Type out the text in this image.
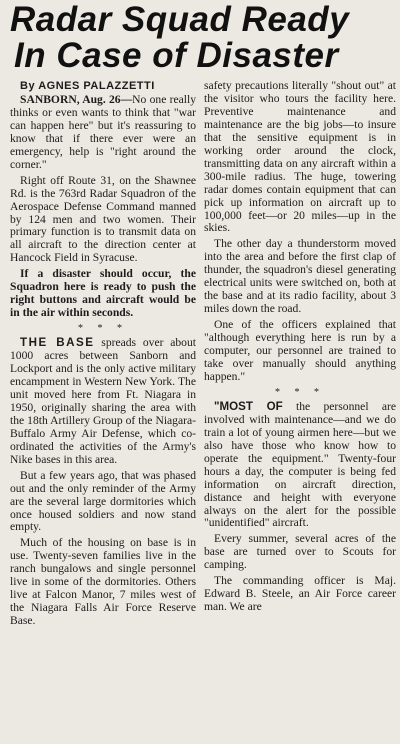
Radar Squad Ready
In Case of Disaster
By AGNES PALAZZETTI

SANBORN, Aug. 26—No one really thinks or even wants to think that "war can happen here" but it's reassuring to know that if there ever were an emergency, help is "right around the corner."

Right off Route 31, on the Shawnee Rd. is the 763rd Radar Squadron of the Aerospace Defense Command manned by 124 men and two women. Their primary function is to transmit data on all aircraft to the direction center at Hancock Field in Syracuse.

If a disaster should occur, the Squadron here is ready to push the right buttons and aircraft would be in the air within seconds.

* * *

THE BASE spreads over about 1000 acres between Sanborn and Lockport and is the only active military encampment in Western New York. The unit moved here from Ft. Niagara in 1950, originally sharing the area with the 18th Artillery Group of the Niagara-Buffalo Army Air Defense, which co-ordinated the activities of the Army's Nike bases in this area.

But a few years ago, that was phased out and the only reminder of the Army are the several large dormitories which once housed soldiers and now stand empty.

Much of the housing on base is in use. Twenty-seven families live in the ranch bungalows and single personnel live in some of the dormitories. Others live at Falcon Manor, 7 miles west of the Niagara Falls Air Force Reserve Base.

safety precautions literally "shout out" at the visitor who tours the facility here. Preventive maintenance and maintenance are the big jobs—to insure that the sensitive equipment is in working order around the clock, transmitting data on any aircraft within a 300-mile radius. The huge, towering radar domes contain equipment that can pick up information on aircraft up to 100,000 feet—or 20 miles—up in the skies.

The other day a thunderstorm moved into the area and before the first clap of thunder, the squadron's diesel generating electrical units were switched on, both at the base and at its radio facility, about 3 miles down the road.

One of the officers explained that "although everything here is run by a computer, our personnel are trained to take over manually should anything happen."

* * *

"MOST OF the personnel are involved with maintenance—and we do train a lot of young airmen here—but we also have those who know how to operate the equipment." Twenty-four hours a day, the computer is being fed information on aircraft direction, distance and height with everyone always on the alert for the possible "unidentified" aircraft.

Every summer, several acres of the base are turned over to Scouts for camping.

The commanding officer is Maj. Edward B. Steele, an Air Force career man. We are
